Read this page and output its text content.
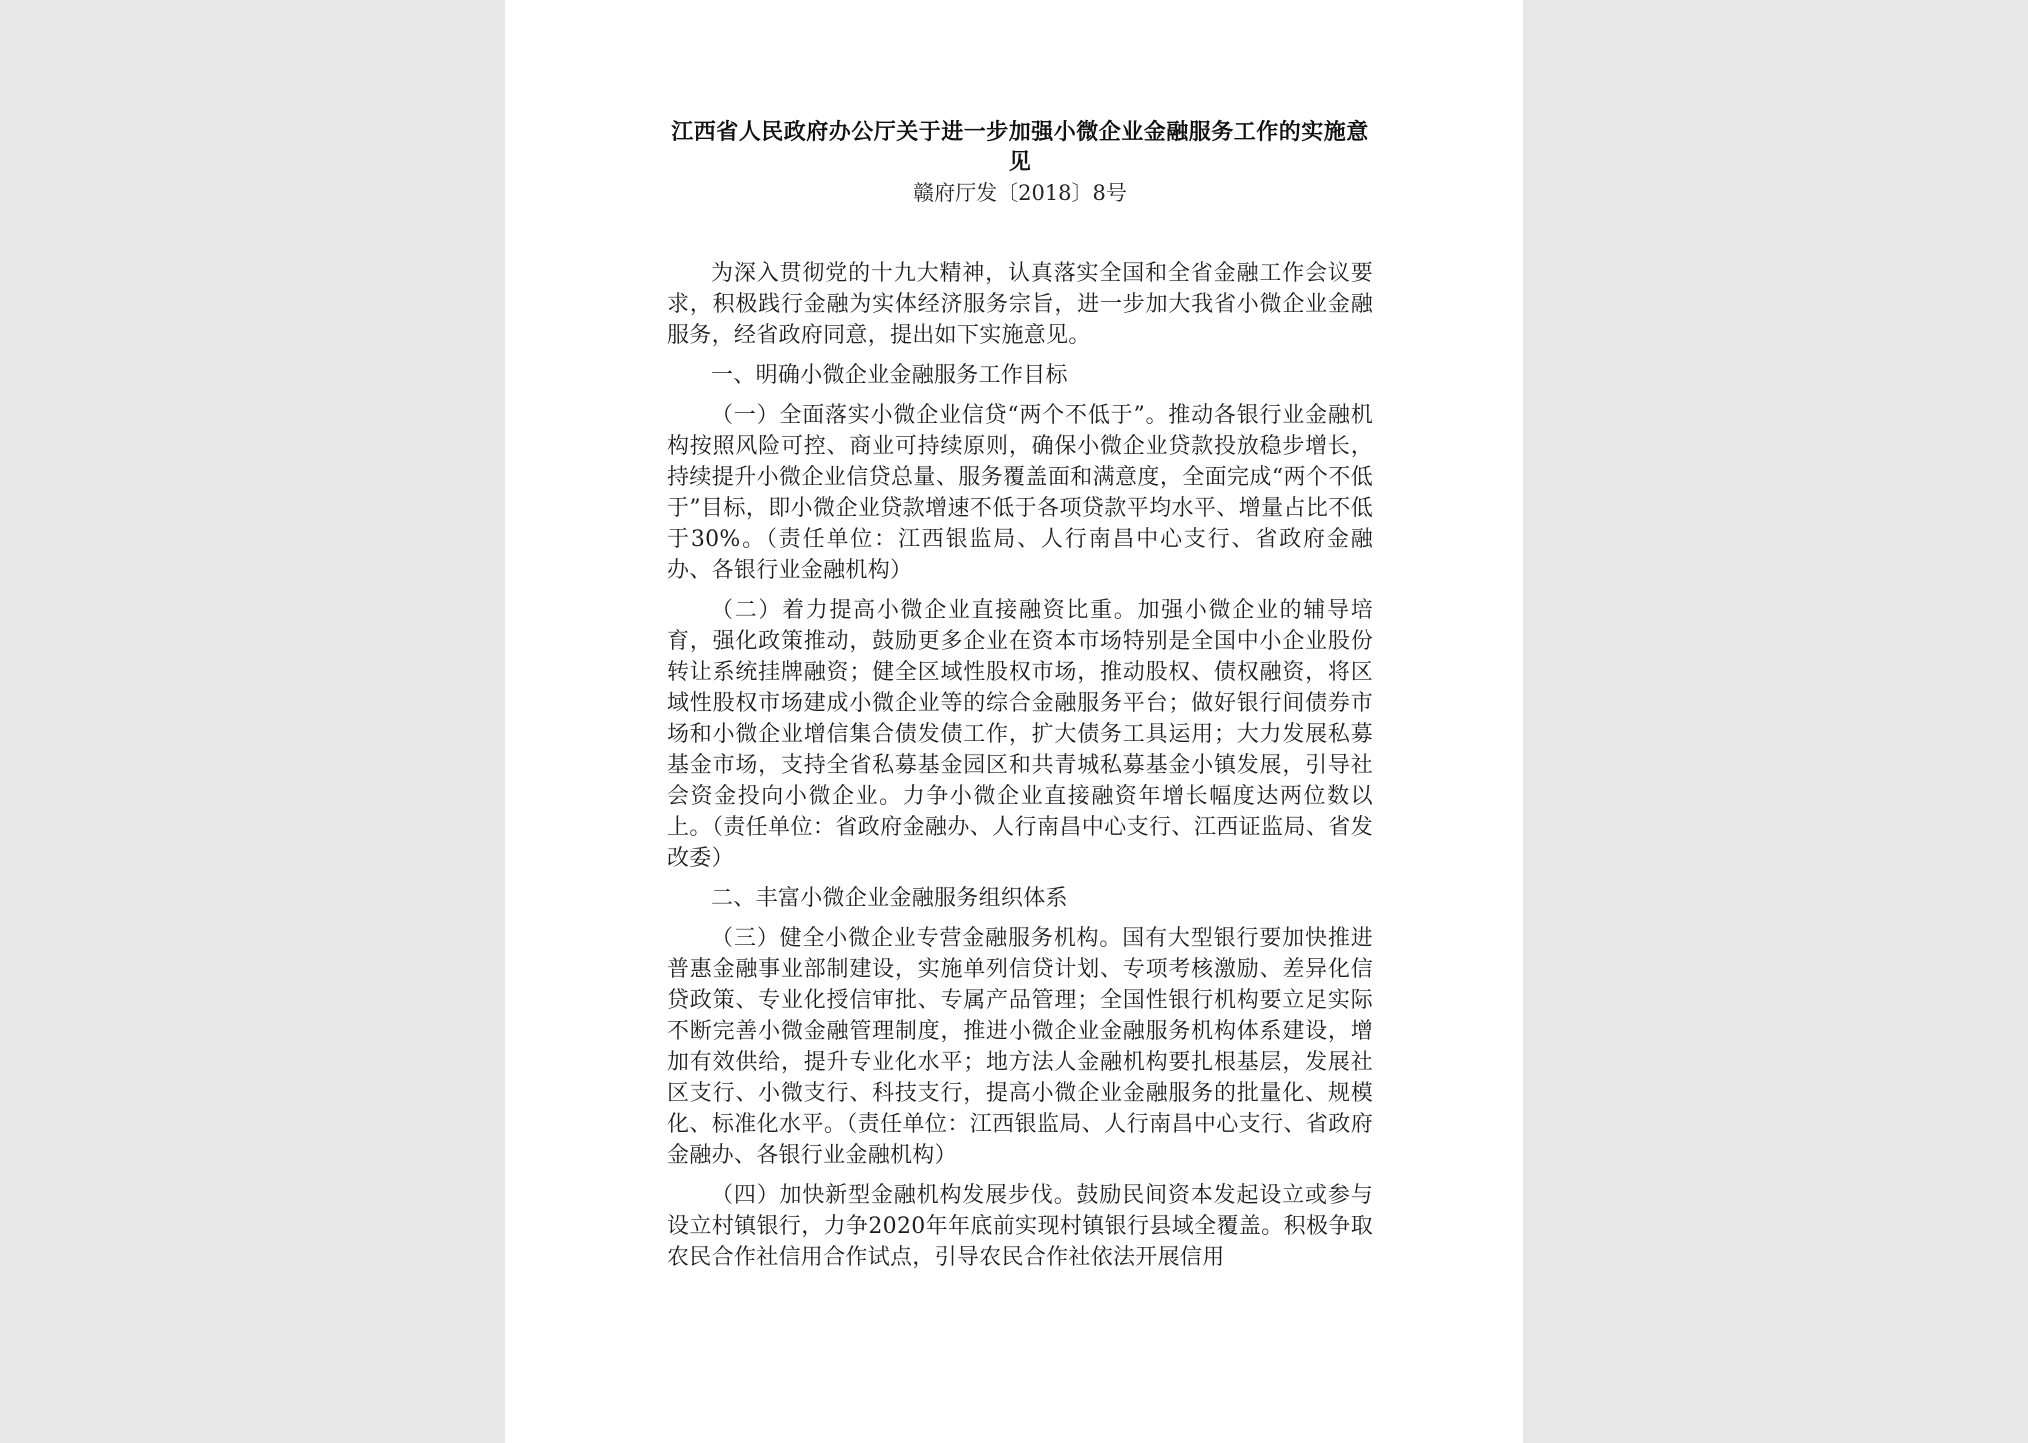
江西省人民政府办公厅关于进一步加强小微企业金融服务工作的实施意见

赣府厅发〔2018〕8号

为深入贯彻党的十九大精神，认真落实全国和全省金融工作会议要求，积极践行金融为实体经济服务宗旨，进一步加大我省小微企业金融服务，经省政府同意，提出如下实施意见。

一、明确小微企业金融服务工作目标

（一）全面落实小微企业信贷“两个不低于”。推动各银行业金融机构按照风险可控、商业可持续原则，确保小微企业贷款投放稳步增长，持续提升小微企业信贷总量、服务覆盖面和满意度，全面完成“两个不低于”目标，即小微企业贷款增速不低于各项贷款平均水平、增量占比不低于30%。（责任单位：江西银监局、人行南昌中心支行、省政府金融办、各银行业金融机构）

（二）着力提高小微企业直接融资比重。加强小微企业的辅导培育，强化政策推动，鼓励更多企业在资本市场特别是全国中小企业股份转让系统挂牌融资；健全区域性股权市场，推动股权、债权融资，将区域性股权市场建成小微企业等的综合金融服务平台；做好银行间债券市场和小微企业增信集合债发债工作，扩大债务工具运用；大力发展私募基金市场，支持全省私募基金园区和共青城私募基金小镇发展，引导社会资金投向小微企业。力争小微企业直接融资年增长幅度达两位数以上。（责任单位：省政府金融办、人行南昌中心支行、江西证监局、省发改委）

二、丰富小微企业金融服务组织体系

（三）健全小微企业专营金融服务机构。国有大型银行要加快推进普惠金融事业部制建设，实施单列信贷计划、专项考核激励、差异化信贷政策、专业化授信审批、专属产品管理；全国性银行机构要立足实际不断完善小微金融管理制度，推进小微企业金融服务机构体系建设，增加有效供给，提升专业化水平；地方法人金融机构要扎根基层，发展社区支行、小微支行、科技支行，提高小微企业金融服务的批量化、规模化、标准化水平。（责任单位：江西银监局、人行南昌中心支行、省政府金融办、各银行业金融机构）

（四）加快新型金融机构发展步伐。鼓励民间资本发起设立或参与设立村镇银行，力争2020年年底前实现村镇银行县域全覆盖。积极争取农民合作社信用合作试点，引导农民合作社依法开展信用
